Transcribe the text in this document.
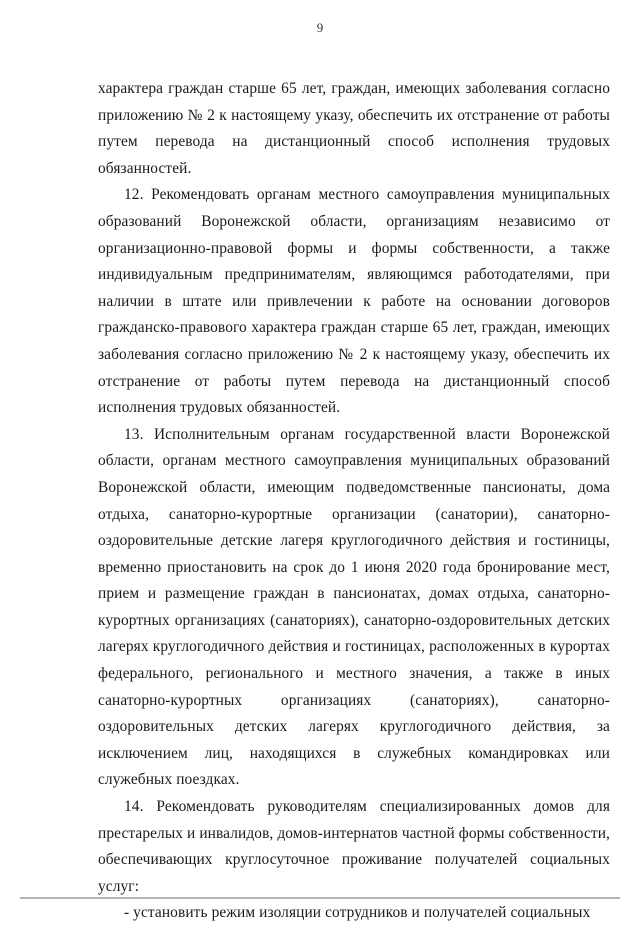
9

характера граждан старше 65 лет, граждан, имеющих заболевания согласно приложению № 2 к настоящему указу, обеспечить их отстранение от работы путем перевода на дистанционный способ исполнения трудовых обязанностей.

12. Рекомендовать органам местного самоуправления муниципальных образований Воронежской области, организациям независимо от организационно-правовой формы и формы собственности, а также индивидуальным предпринимателям, являющимся работодателями, при наличии в штате или привлечении к работе на основании договоров гражданско-правового характера граждан старше 65 лет, граждан, имеющих заболевания согласно приложению № 2 к настоящему указу, обеспечить их отстранение от работы путем перевода на дистанционный способ исполнения трудовых обязанностей.

13. Исполнительным органам государственной власти Воронежской области, органам местного самоуправления муниципальных образований Воронежской области, имеющим подведомственные пансионаты, дома отдыха, санаторно-курортные организации (санатории), санаторно-оздоровительные детские лагеря круглогодичного действия и гостиницы, временно приостановить на срок до 1 июня 2020 года бронирование мест, прием и размещение граждан в пансионатах, домах отдыха, санаторно-курортных организациях (санаториях), санаторно-оздоровительных детских лагерях круглогодичного действия и гостиницах, расположенных в курортах федерального, регионального и местного значения, а также в иных санаторно-курортных организациях (санаториях), санаторно-оздоровительных детских лагерях круглогодичного действия, за исключением лиц, находящихся в служебных командировках или служебных поездках.

14. Рекомендовать руководителям специализированных домов для престарелых и инвалидов, домов-интернатов частной формы собственности, обеспечивающих круглосуточное проживание получателей социальных услуг:

- установить режим изоляции сотрудников и получателей социальных
